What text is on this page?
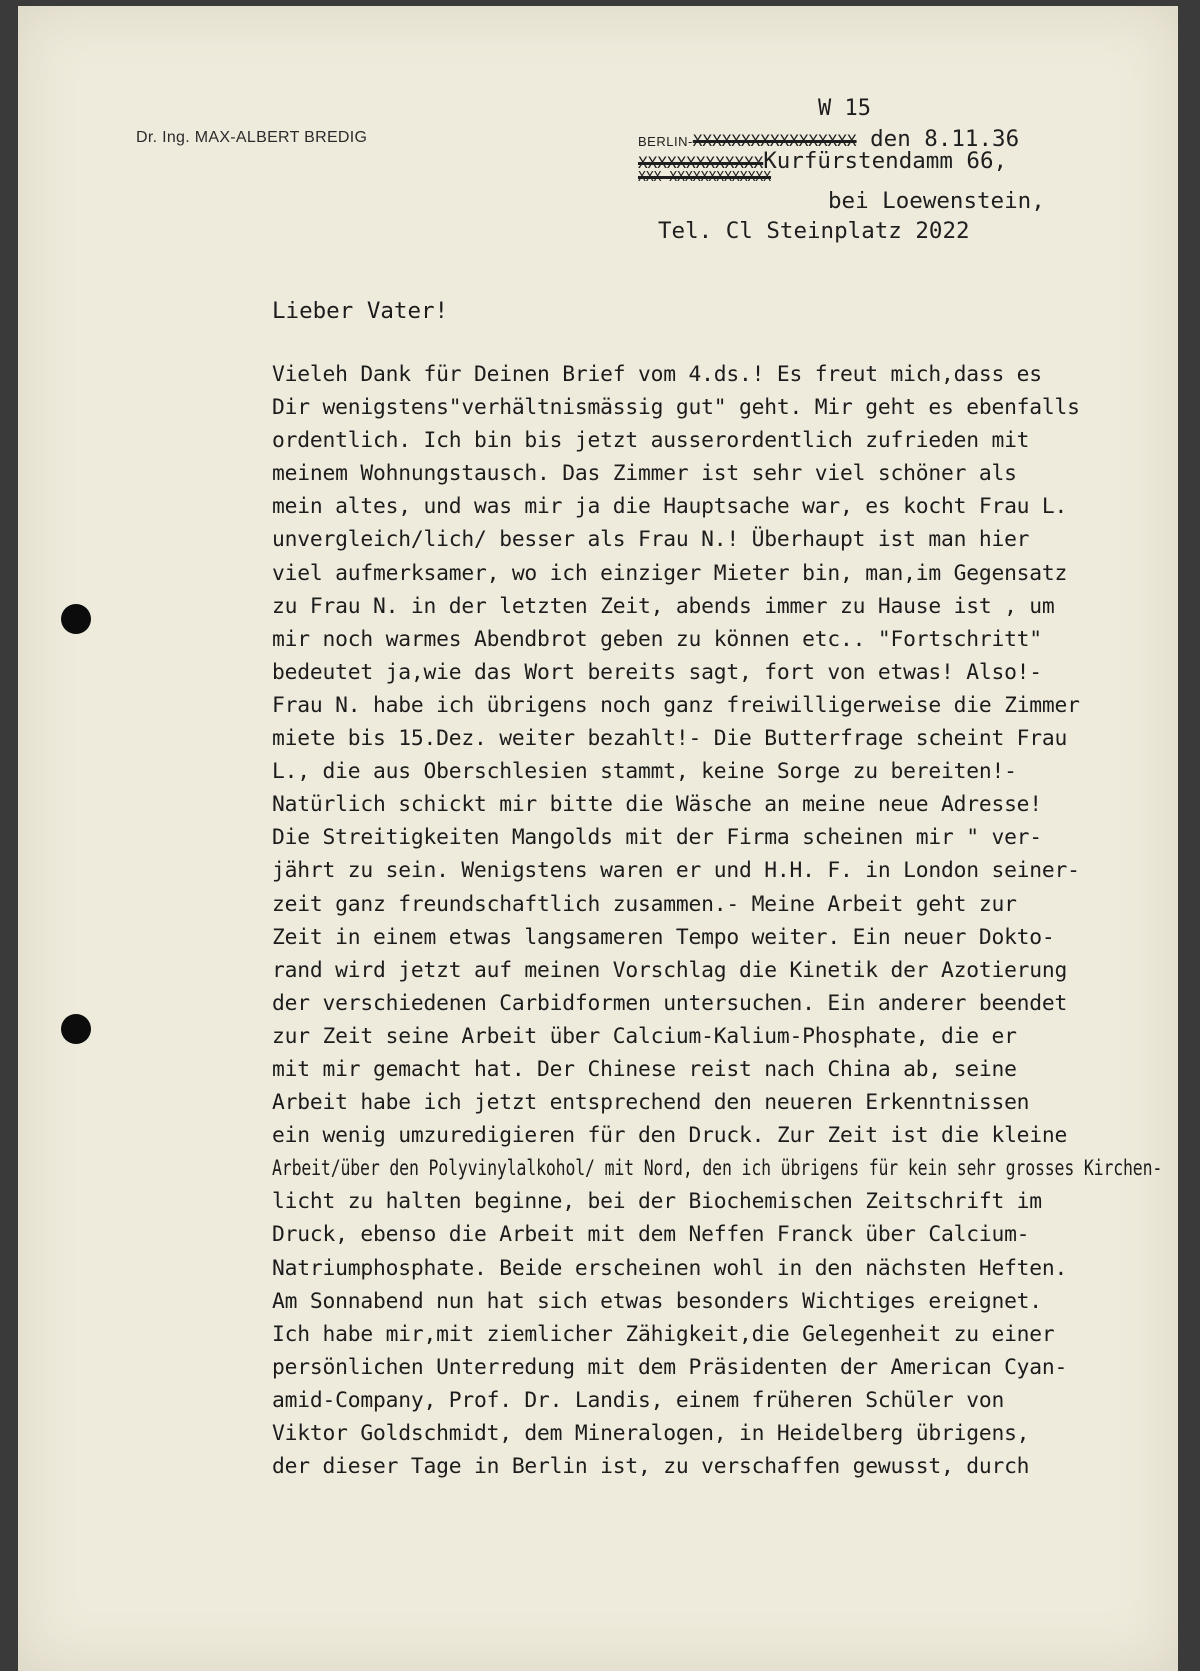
Dr. Ing. MAX-ALBERT BREDIG
W 15
BERLIN-XXXXXXXXXXXXXXXXX den 8.11.36
XXXXXXXXXXXXXKurfürstendamm 66,
XXX XXXXXXXXXXXXX
bei Loewenstein,
Tel. Cl Steinplatz 2022
Lieber Vater!
Vieleh Dank für Deinen Brief vom 4.ds.! Es freut mich,dass es
Dir wenigstens"verhältnismässig gut" geht. Mir geht es ebenfalls
ordentlich. Ich bin bis jetzt ausserordentlich zufrieden mit
meinem Wohnungstausch. Das Zimmer ist sehr viel schöner als
mein altes, und was mir ja die Hauptsache war, es kocht Frau L.
unvergleich/lich/ besser als Frau N.! Überhaupt ist man hier
viel aufmerksamer, wo ich einziger Mieter bin, man,im Gegensatz
zu Frau N. in der letzten Zeit, abends immer zu Hause ist , um
mir noch warmes Abendbrot geben zu können etc.. "Fortschritt"
bedeutet ja,wie das Wort bereits sagt, fort von etwas! Also!-
Frau N. habe ich übrigens noch ganz freiwilligerweise die Zimmer
miete bis 15.Dez. weiter bezahlt!- Die Butterfrage scheint Frau
L., die aus Oberschlesien stammt, keine Sorge zu bereiten!-
Natürlich schickt mir bitte die Wäsche an meine neue Adresse!
Die Streitigkeiten Mangolds mit der Firma scheinen mir " ver-
jährt zu sein. Wenigstens waren er und H.H. F. in London seiner-
zeit ganz freundschaftlich zusammen.- Meine Arbeit geht zur
Zeit in einem etwas langsameren Tempo weiter. Ein neuer Dokto-
rand wird jetzt auf meinen Vorschlag die Kinetik der Azotierung
der verschiedenen Carbidformen untersuchen. Ein anderer beendet
zur Zeit seine Arbeit über Calcium-Kalium-Phosphate, die er
mit mir gemacht hat. Der Chinese reist nach China ab, seine
Arbeit habe ich jetzt entsprechend den neueren Erkenntnissen
ein wenig umzuredigieren für den Druck. Zur Zeit ist die kleine
Arbeit/über den Polyvinylalkohol/ mit Nord, den ich übrigens für kein sehr grosses Kirchen-
licht zu halten beginne, bei der Biochemischen Zeitschrift im
Druck, ebenso die Arbeit mit dem Neffen Franck über Calcium-
Natriumphosphate. Beide erscheinen wohl in den nächsten Heften.
Am Sonnabend nun hat sich etwas besonders Wichtiges ereignet.
Ich habe mir,mit ziemlicher Zähigkeit,die Gelegenheit zu einer
persönlichen Unterredung mit dem Präsidenten der American Cyan-
amid-Company, Prof. Dr. Landis, einem früheren Schüler von
Viktor Goldschmidt, dem Mineralogen, in Heidelberg übrigens,
der dieser Tage in Berlin ist, zu verschaffen gewusst, durch
